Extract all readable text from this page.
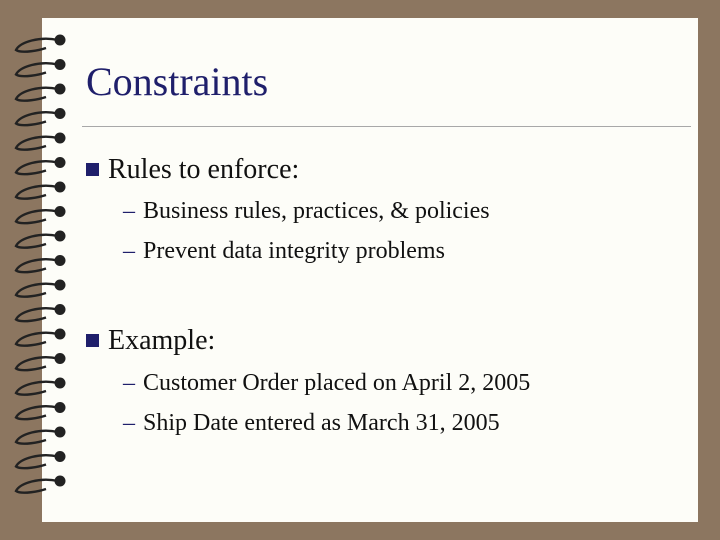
Constraints
Rules to enforce:
– Business rules, practices, & policies
– Prevent data integrity problems
Example:
– Customer Order placed on April 2, 2005
– Ship Date entered as March 31, 2005
